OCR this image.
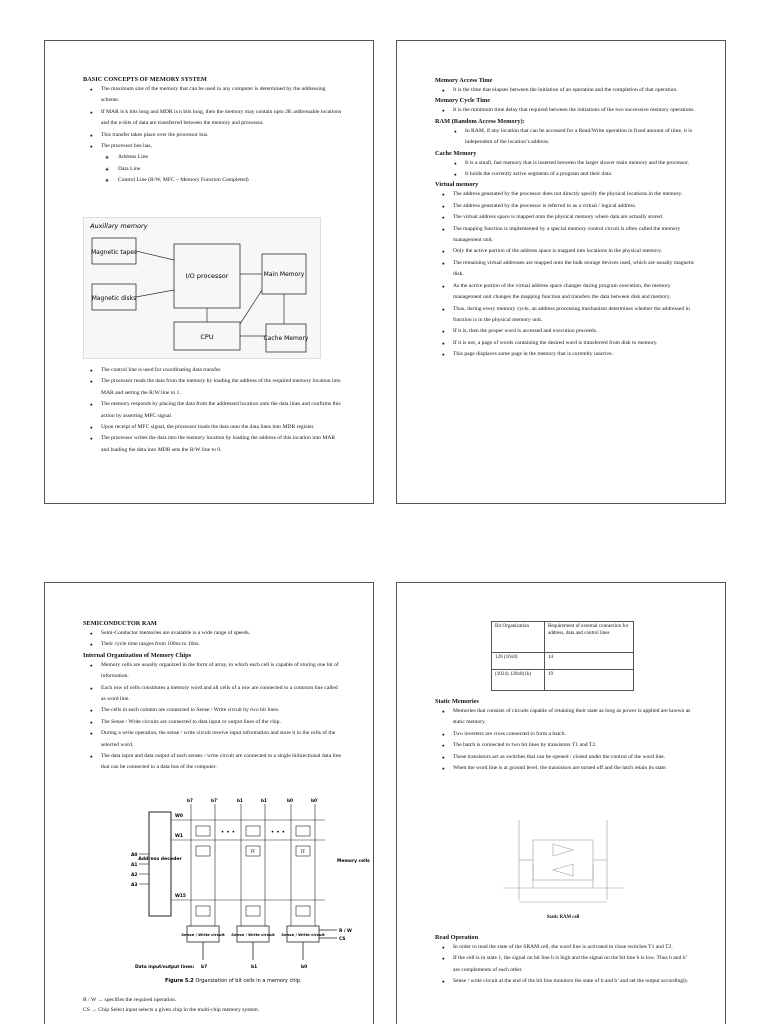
BASIC CONCEPTS OF MEMORY SYSTEM
● The maximum size of the memory that can be used in any computer is determined by the addressing scheme.
● If MAR is k bits long and MDR is n bits long, then the memory may contain upto 2K addressable locations and the n-bits of data are transferred between the memory and processor.
● This transfer takes place over the processor bus.
● The processor bus has,
❖ Address Line
❖ Data Line
❖ Control Line (R/W, MFC – Memory Function Completed)
Auxillary memory
Magnetic tapes
Magnetic disks
I/O processor	Main Memory
CPU	Cache Memory
● The control line is used for coordinating data transfer.
● The processor reads the data from the memory by loading the address of the required memory location into MAR and setting the R/W line to 1.
● The memory responds by placing the data from the addressed location onto the data lines and confirms this action by asserting MFC signal.
● Upon receipt of MFC signal, the processor loads the data onto the data lines into MDR register.
● The processor writes the data into the memory location by loading the address of this location into MAR and loading the data into MDR sets the R/W line to 0.
Memory Access Time
● It is the time that elapses between the initiation of an operation and the completion of that operation.
Memory Cycle Time
● It is the minimum time delay that required between the initiations of the two successive memory operations.
RAM (Random Access Memory):
● In RAM, if any location that can be accessed for a Read/Write operation in fixed amount of time, it is independent of the location’s address.
Cache Memory
● It is a small, fast memory that is inserted between the larger slower main memory and the processor.
● It holds the currently active segments of a program and their data.
Virtual memory
● The address generated by the processor does not directly specify the physical locations in the memory.
● The address generated by the processor is referred to as a virtual / logical address.
● The virtual address space is mapped onto the physical memory where data are actually stored.
● The mapping function is implemented by a special memory control circuit is often called the memory management unit.
● Only the active portion of the address space is mapped into locations in the physical memory.
● The remaining virtual addresses are mapped onto the bulk storage devices used, which are usually magnetic disk.
● As the active portion of the virtual address space changes during program execution, the memory management unit changes the mapping function and transfers the data between disk and memory.
● Thus, during every memory cycle, an address processing mechanism determines whether the addressed in function is in the physical memory unit.
● If it is, then the proper word is accessed and execution proceeds.
● If it is not, a page of words containing the desired word is transferred from disk to memory.
● This page displaces some page in the memory that is currently inactive.
SEMICONDUCTOR RAM
● Semi-Conductor memories are available is a wide range of speeds.
● Their cycle time ranges from 100ns to 10ns.
Internal Organization of Memory Chips
● Memory cells are usually organized in the form of array, in which each cell is capable of storing one bit of information.
● Each row of cells constitutes a memory word and all cells of a row are connected to a common line called as word line.
● The cells in each column are connected to Sense / Write circuit by two bit lines.
● The Sense / Write circuits are connected to data input or output lines of the chip.
● During a write operation, the sense / write circuit receive input information and store it in the cells of the selected word.
● The data input and data output of each senses / write circuit are connected to a single bidirectional data line that can be connected to a data bus of the computer.
Address decoder
A0
A1
A2
A3
W0
W1
W15
FF	FF
b7	b7′	b1	b1′	b0	b0′
• • •	• • •
Memory cells
Sense / Write circuit Sense / Write circuit Sense / Write circuit
R / W
CS
Data input/output lines: b7	b1	b0
Figure 5.2 Organization of bit cells in a memory chip.
R / W → specifies the required operation.
CS → Chip Select input selects a given chip in the multi-chip memory system.
Bit Organization	Requirement of external connection for address, data and control lines
128 (16x8)	14
(1024) 128x8(1k)	19
Static Memories
● Memories that consists of circuits capable of retaining their state as long as power is applied are known as static memory.
● Two inverters are cross connected to form a batch.
● The batch is connected to two bit lines by transistors T1 and T2.
● These transistors act as switches that can be opened / closed under the control of the word line.
● When the word line is at ground level, the transistors are turned off and the latch retain its state.
Static RAM cell
Read Operation
● In order to read the state of the SRAM cell, the word line is activated to close switches T1 and T2.
● If the cell is in state 1, the signal on bit line b is high and the signal on the bit line b is low. Thus b and b’ are complements of each other.
● Sense / write circuit at the end of the bit line monitors the state of b and b’ and set the output accordingly.
